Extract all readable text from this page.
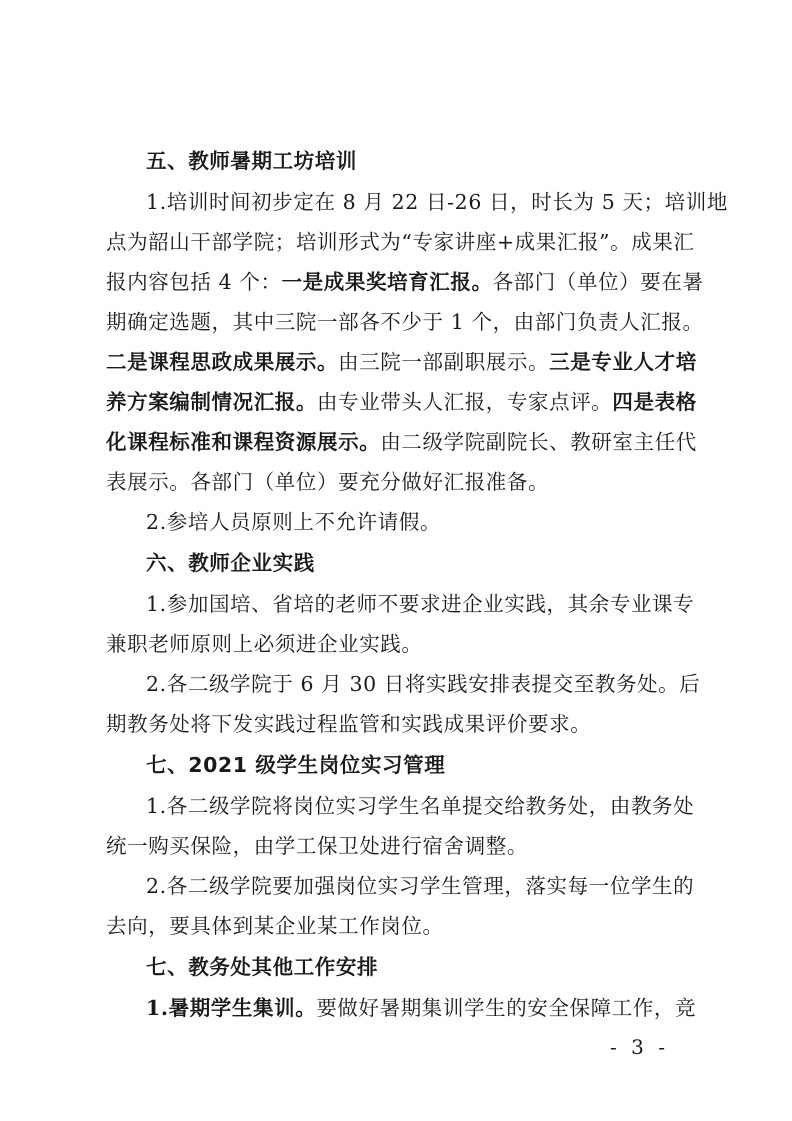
五、教师暑期工坊培训
1.培训时间初步定在 8 月 22 日-26 日，时长为 5 天；培训地
点为韶山干部学院；培训形式为“专家讲座+成果汇报”。成果汇
报内容包括 4 个：一是成果奖培育汇报。各部门（单位）要在暑
期确定选题，其中三院一部各不少于 1 个，由部门负责人汇报。
二是课程思政成果展示。由三院一部副职展示。三是专业人才培
养方案编制情况汇报。由专业带头人汇报，专家点评。四是表格
化课程标准和课程资源展示。由二级学院副院长、教研室主任代
表展示。各部门（单位）要充分做好汇报准备。
2.参培人员原则上不允许请假。
六、教师企业实践
1.参加国培、省培的老师不要求进企业实践，其余专业课专
兼职老师原则上必须进企业实践。
2.各二级学院于 6 月 30 日将实践安排表提交至教务处。后
期教务处将下发实践过程监管和实践成果评价要求。
七、2021 级学生岗位实习管理
1.各二级学院将岗位实习学生名单提交给教务处，由教务处
统一购买保险，由学工保卫处进行宿舍调整。
2.各二级学院要加强岗位实习学生管理，落实每一位学生的
去向，要具体到某企业某工作岗位。
七、教务处其他工作安排
1.暑期学生集训。要做好暑期集训学生的安全保障工作，竞
- 3 -
